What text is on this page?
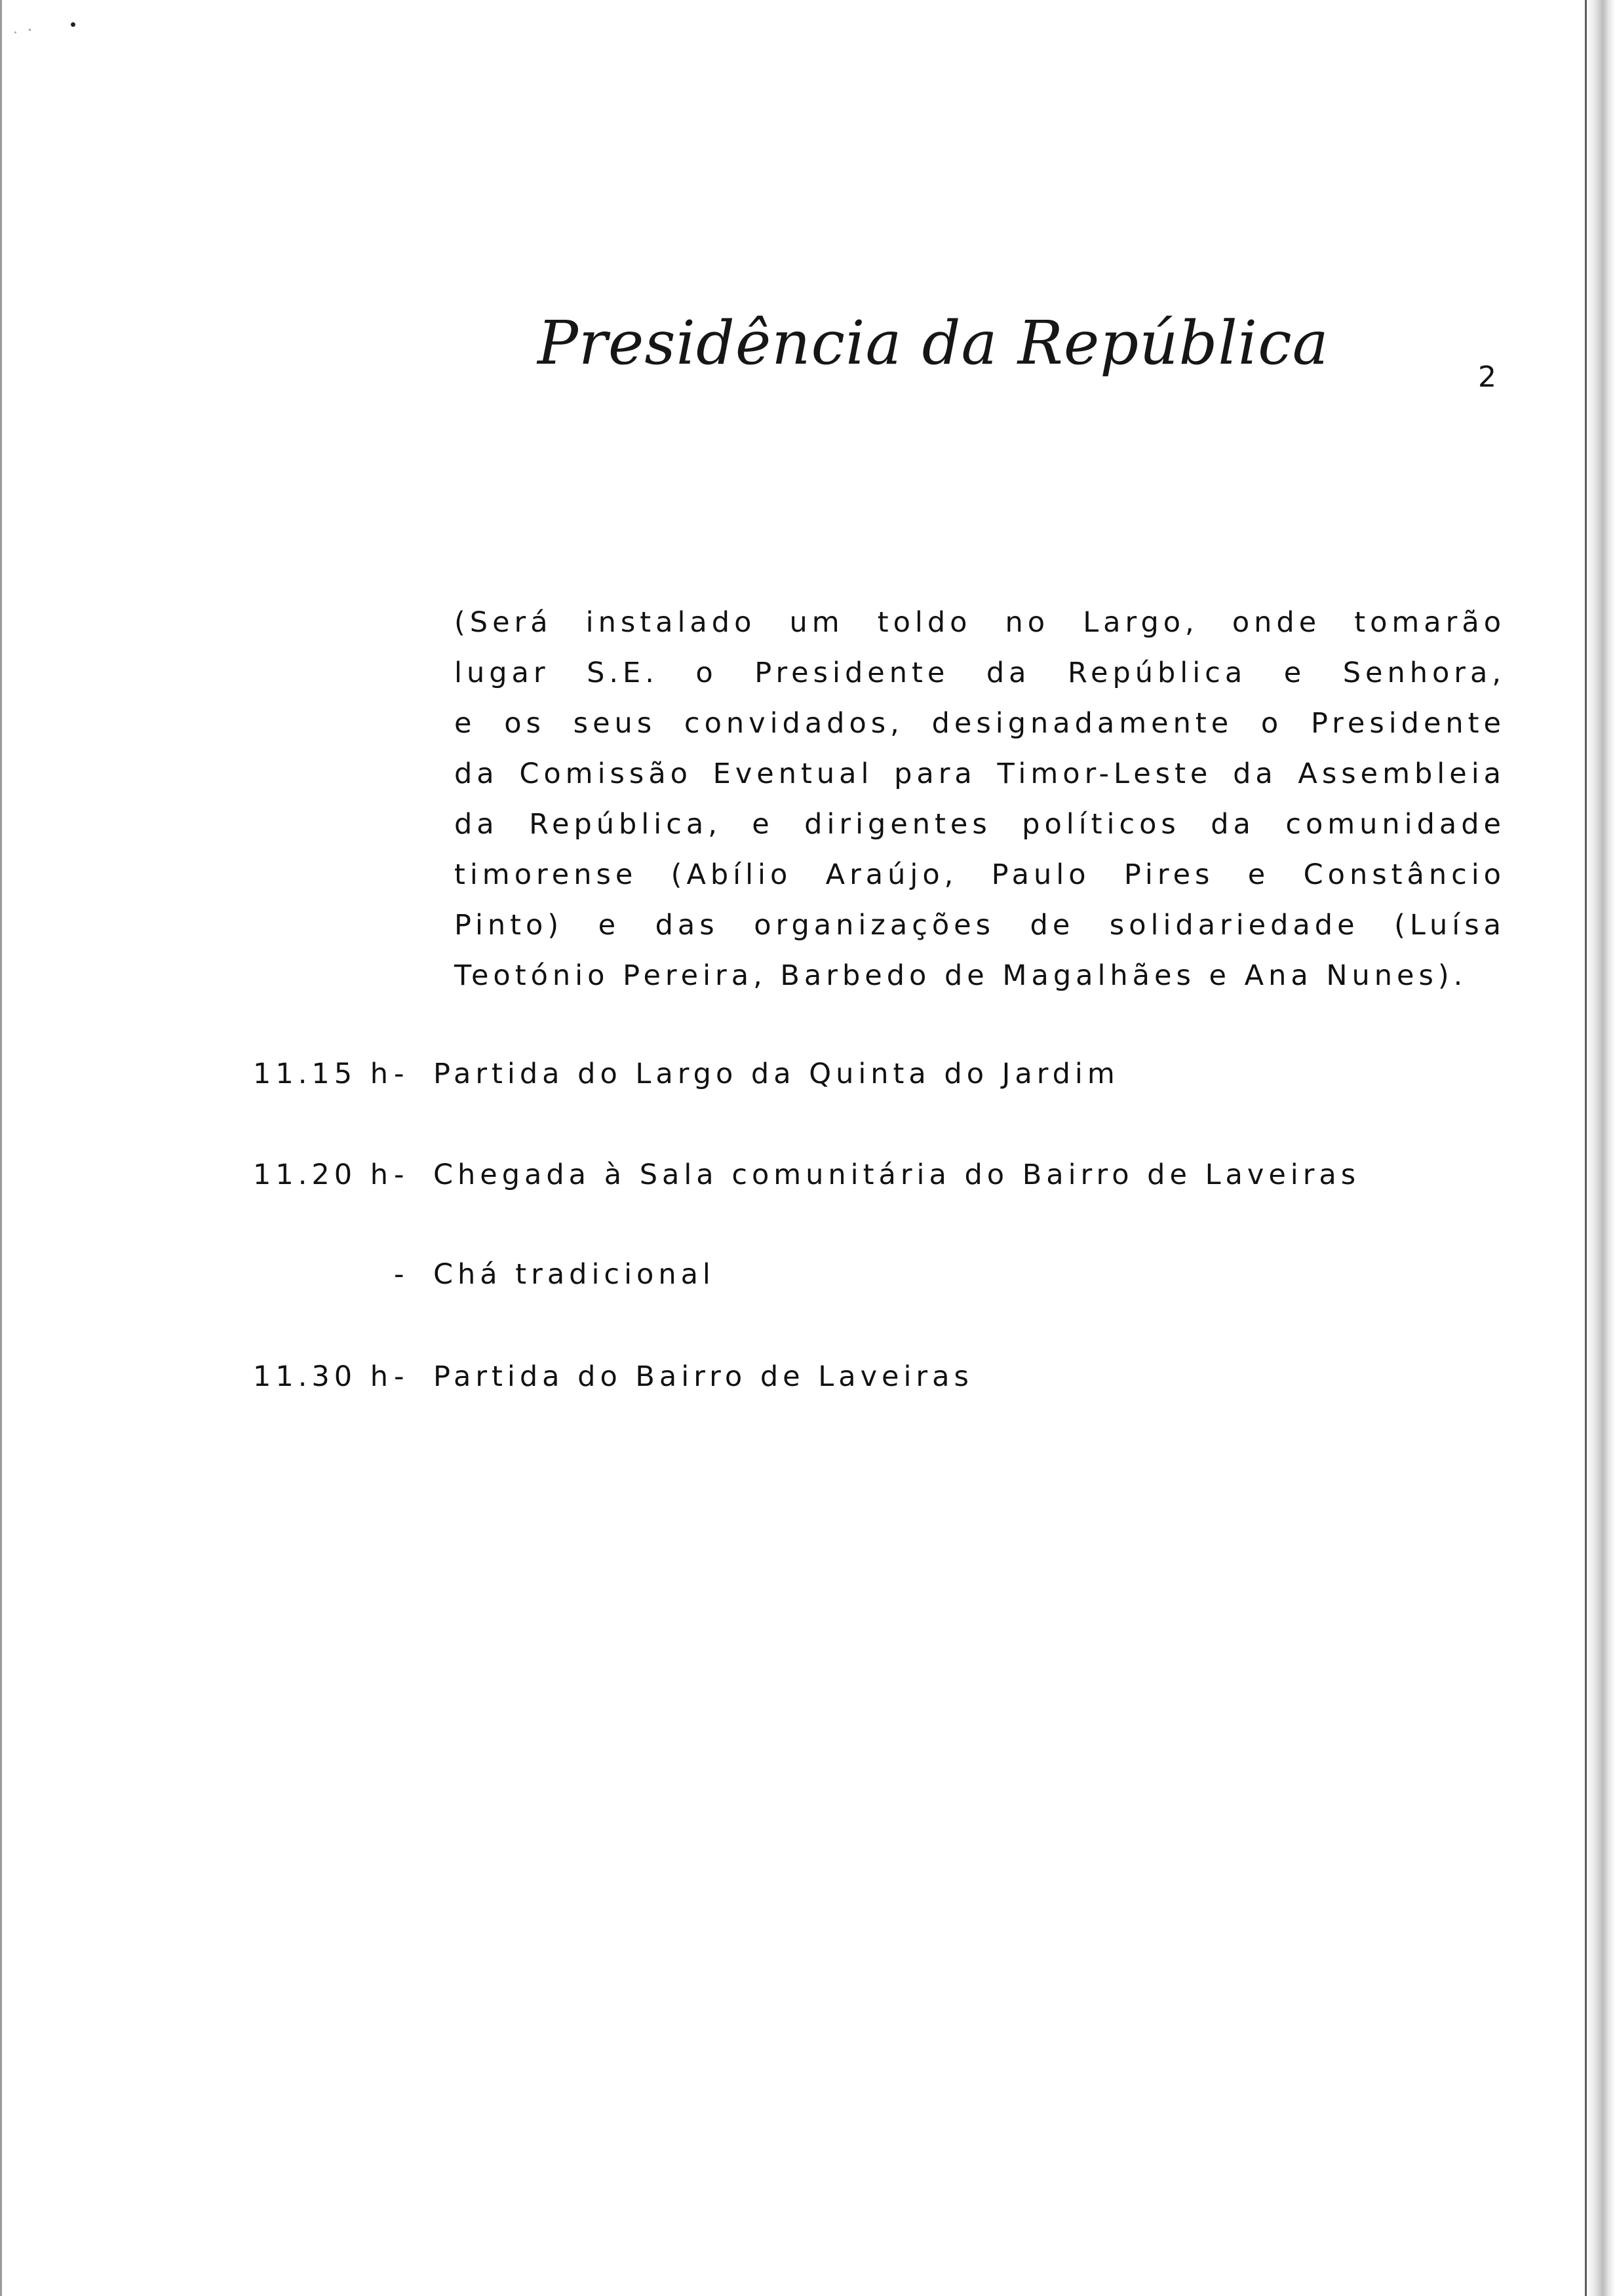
Presidência da República	2
(Será instalado um toldo no Largo, onde tomarão
lugar S.E. o Presidente da República e Senhora,
e os seus convidados, designadamente o Presidente
da Comissão Eventual para Timor-Leste da Assembleia
da República, e dirigentes políticos da comunidade
timorense (Abílio Araújo, Paulo Pires e Constâncio
Pinto) e das organizações de solidariedade (Luísa
Teotónio Pereira, Barbedo de Magalhães e Ana Nunes).
11.15 h- Partida do Largo da Quinta do Jardim
11.20 h- Chegada à Sala comunitária do Bairro de Laveiras
- Chá tradicional
11.30 h- Partida do Bairro de Laveiras
